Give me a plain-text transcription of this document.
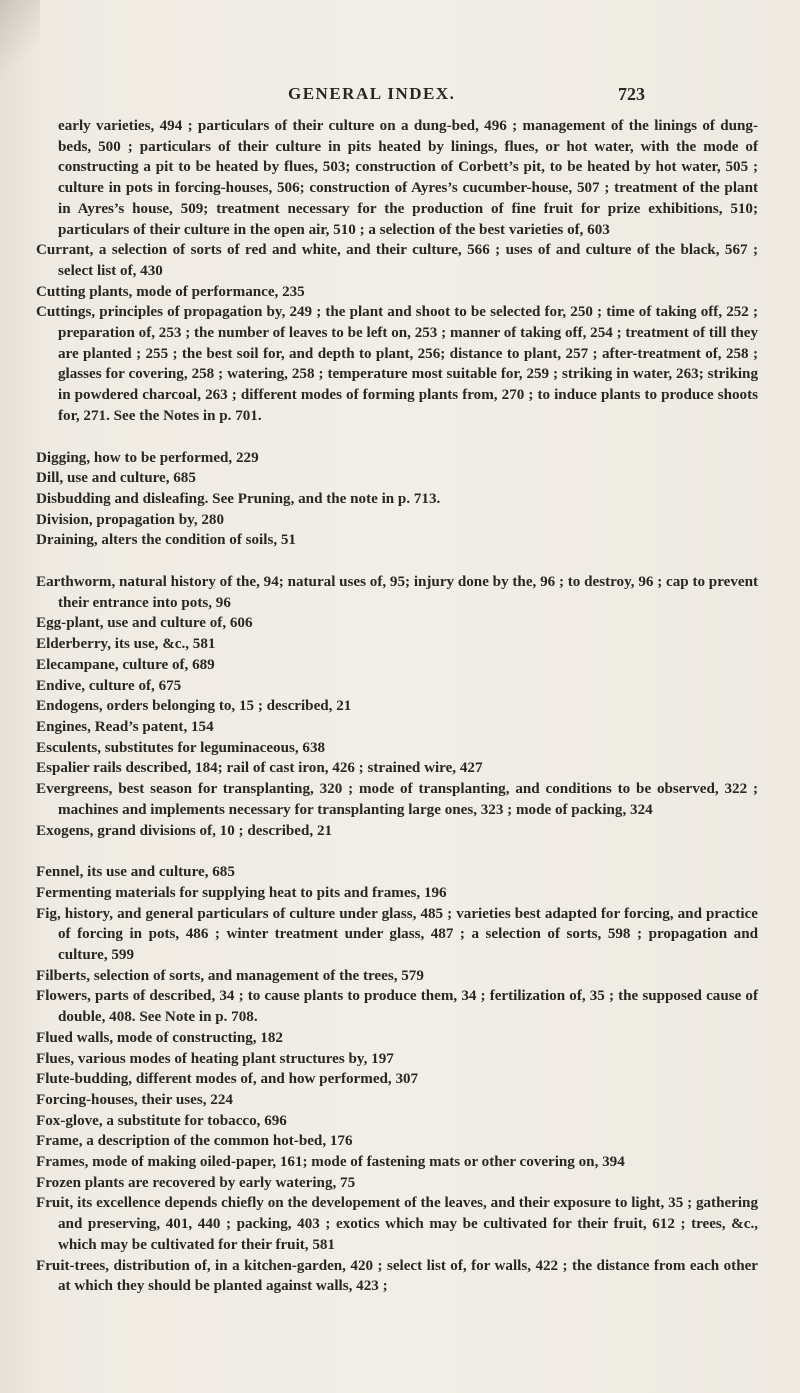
GENERAL INDEX.	723

early varieties, 494 ; particulars of their culture on a dung-bed, 496 ; management of the linings of dung-beds, 500 ; particulars of their culture in pits heated by linings, flues, or hot water, with the mode of constructing a pit to be heated by flues, 503; construction of Corbett’s pit, to be heated by hot water, 505 ; culture in pots in forcing-houses, 506; construction of Ayres’s cucumber-house, 507 ; treatment of the plant in Ayres’s house, 509; treatment necessary for the production of fine fruit for prize exhibitions, 510; particulars of their culture in the open air, 510 ; a selection of the best varieties of, 603

Currant, a selection of sorts of red and white, and their culture, 566 ; uses of and culture of the black, 567 ; select list of, 430

Cutting plants, mode of performance, 235

Cuttings, principles of propagation by, 249 ; the plant and shoot to be selected for, 250 ; time of taking off, 252 ; preparation of, 253 ; the number of leaves to be left on, 253 ; manner of taking off, 254 ; treatment of till they are planted ; 255 ; the best soil for, and depth to plant, 256; distance to plant, 257 ; after-treatment of, 258 ; glasses for covering, 258 ; watering, 258 ; temperature most suitable for, 259 ; striking in water, 263; striking in powdered charcoal, 263 ; different modes of forming plants from, 270 ; to induce plants to produce shoots for, 271. See the Notes in p. 701.

Digging, how to be performed, 229

Dill, use and culture, 685

Disbudding and disleafing. See Pruning, and the note in p. 713.

Division, propagation by, 280

Draining, alters the condition of soils, 51

Earthworm, natural history of the, 94; natural uses of, 95; injury done by the, 96 ; to destroy, 96 ; cap to prevent their entrance into pots, 96

Egg-plant, use and culture of, 606

Elderberry, its use, &c., 581

Elecampane, culture of, 689

Endive, culture of, 675

Endogens, orders belonging to, 15 ; described, 21

Engines, Read’s patent, 154

Esculents, substitutes for leguminaceous, 638

Espalier rails described, 184; rail of cast iron, 426 ; strained wire, 427

Evergreens, best season for transplanting, 320 ; mode of transplanting, and conditions to be observed, 322 ; machines and implements necessary for transplanting large ones, 323 ; mode of packing, 324

Exogens, grand divisions of, 10 ; described, 21

Fennel, its use and culture, 685

Fermenting materials for supplying heat to pits and frames, 196

Fig, history, and general particulars of culture under glass, 485 ; varieties best adapted for forcing, and practice of forcing in pots, 486 ; winter treatment under glass, 487 ; a selection of sorts, 598 ; propagation and culture, 599

Filberts, selection of sorts, and management of the trees, 579

Flowers, parts of described, 34 ; to cause plants to produce them, 34 ; fertilization of, 35 ; the supposed cause of double, 408. See Note in p. 708.

Flued walls, mode of constructing, 182

Flues, various modes of heating plant structures by, 197

Flute-budding, different modes of, and how performed, 307

Forcing-houses, their uses, 224

Fox-glove, a substitute for tobacco, 696

Frame, a description of the common hot-bed, 176

Frames, mode of making oiled-paper, 161; mode of fastening mats or other covering on, 394

Frozen plants are recovered by early watering, 75

Fruit, its excellence depends chiefly on the developement of the leaves, and their exposure to light, 35 ; gathering and preserving, 401, 440 ; packing, 403 ; exotics which may be cultivated for their fruit, 612 ; trees, &c., which may be cultivated for their fruit, 581

Fruit-trees, distribution of, in a kitchen-garden, 420 ; select list of, for walls, 422 ; the distance from each other at which they should be planted against walls, 423 ;
